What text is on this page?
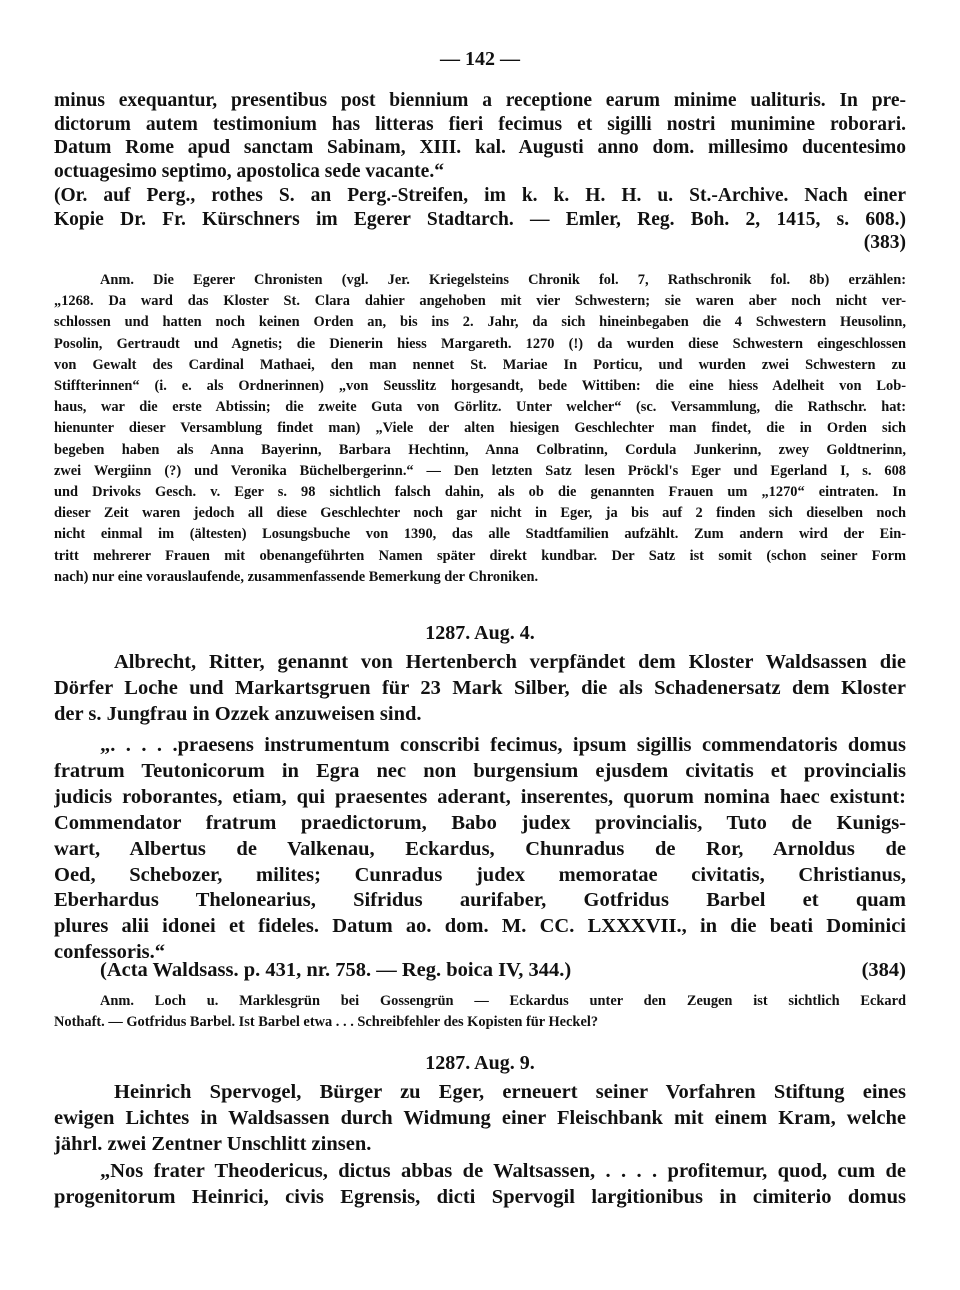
— 142 —
minus exequantur, presentibus post biennium a receptione earum minime ualituris. In pre-
dictorum autem testimonium has litteras fieri fecimus et sigilli nostri munimine roborari.
Datum Rome apud sanctam Sabinam, XIII. kal. Augusti anno dom. millesimo ducentesimo
octuagesimo septimo, apostolica sede vacante.“
(Or. auf Perg., rothes S. an Perg.-Streifen, im k. k. H. H. u. St.-Archive. Nach einer
Kopie Dr. Fr. Kürschners im Egerer Stadtarch. — Emler, Reg. Boh. 2, 1415, s. 608.)
(383)
Anm. Die Egerer Chronisten (vgl. Jer. Kriegelsteins Chronik fol. 7, Rathschronik fol. 8b) erzählen:
„1268. Da ward das Kloster St. Clara dahier angehoben mit vier Schwestern; sie waren aber noch nicht ver-
schlossen und hatten noch keinen Orden an, bis ins 2. Jahr, da sich hineinbegaben die 4 Schwestern Heusolinn,
Posolin, Gertraudt und Agnetis; die Dienerin hiess Margareth. 1270 (!) da wurden diese Schwestern eingeschlossen
von Gewalt des Cardinal Mathaei, den man nennet St. Mariae In Porticu, und wurden zwei Schwestern zu
Stiffterinnen“ (i. e. als Ordnerinnen) „von Seusslitz horgesandt, bede Wittiben: die eine hiess Adelheit von Lob-
haus, war die erste Abtissin; die zweite Guta von Görlitz. Unter welcher“ (sc. Versammlung, die Rathschr. hat:
hienunter dieser Versamblung findet man) „Viele der alten hiesigen Geschlechter man findet, die in Orden sich
begeben haben als Anna Bayerinn, Barbara Hechtinn, Anna Colbratinn, Cordula Junkerinn, zwey Goldtnerinn,
zwei Wergiinn (?) und Veronika Büchelbergerinn.“ — Den letzten Satz lesen Pröckl's Eger und Egerland I, s. 608
und Drivoks Gesch. v. Eger s. 98 sichtlich falsch dahin, als ob die genannten Frauen um „1270“ eintraten. In
dieser Zeit waren jedoch all diese Geschlechter noch gar nicht in Eger, ja bis auf 2 finden sich dieselben noch
nicht einmal im (ältesten) Losungsbuche von 1390, das alle Stadtfamilien aufzählt. Zum andern wird der Ein-
tritt mehrerer Frauen mit obenangeführten Namen später direkt kundbar. Der Satz ist somit (schon seiner Form
nach) nur eine vorauslaufende, zusammenfassende Bemerkung der Chroniken.
1287. Aug. 4.
Albrecht, Ritter, genannt von Hertenberch verpfändet dem Kloster Waldsassen die
Dörfer Loche und Markartsgruen für 23 Mark Silber, die als Schadenersatz dem Kloster
der s. Jungfrau in Ozzek anzuweisen sind.
„. . . . .praesens instrumentum conscribi fecimus, ipsum sigillis commendatoris domus
fratrum Teutonicorum in Egra nec non burgensium ejusdem civitatis et provincialis
judicis roborantes, etiam, qui praesentes aderant, inserentes, quorum nomina haec existunt:
Commendator fratrum praedictorum, Babo judex provincialis, Tuto de Kunigs-
wart, Albertus de Valkenau, Eckardus, Chunradus de Ror, Arnoldus de
Oed, Schebozer, milites; Cunradus judex memoratae civitatis, Christianus,
Eberhardus Thelonearius, Sifridus aurifaber, Gotfridus Barbel et quam
plures alii idonei et fideles. Datum ao. dom. M. CC. LXXXVII., in die beati Dominici
confessoris.“
(Acta Waldsass. p. 431, nr. 758. — Reg. boica IV, 344.)	(384)
Anm. Loch u. Marklesgrün bei Gossengrün — Eckardus unter den Zeugen ist sichtlich Eckard
Nothaft. — Gotfridus Barbel. Ist Barbel etwa . . . Schreibfehler des Kopisten für Heckel?
1287. Aug. 9.
Heinrich Spervogel, Bürger zu Eger, erneuert seiner Vorfahren Stiftung eines
ewigen Lichtes in Waldsassen durch Widmung einer Fleischbank mit einem Kram, welche
jährl. zwei Zentner Unschlitt zinsen.
„Nos frater Theodericus, dictus abbas de Waltsassen, . . . . profitemur, quod, cum de
progenitorum Heinrici, civis Egrensis, dicti Spervogil largitionibus in cimiterio domus
